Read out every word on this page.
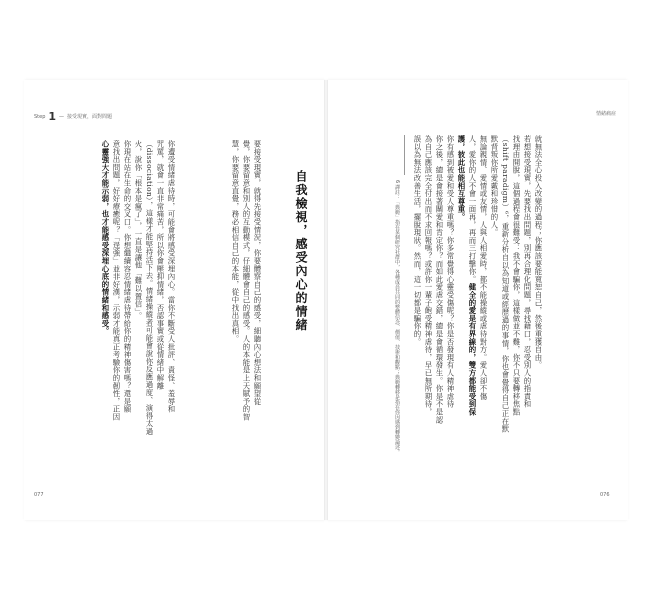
Step 1 — 接受現實，面對問題	情緒痛症
就無法全心投入改變的過程；你應該要能寬恕自己，然後重獲自由。
若想接受現實，先要找出問題，別再合理化問題，尋找藉口，忍受別人的指責和
找理由開脫，這個過程會很難受：我不會騙你，這樣做並不難，你不只要轉移焦點
（shift paradigm）⁶，重新分析自以為知道或經歷過的事情，你也會覺得自己正在默
默背叛你所愛戴和珍惜的人。
無論親情、愛情或友情，人與人相愛時，都不能操縱或虐待對方。愛人卻不傷
人，愛你的人不會一面再，再而三打擊你。健全的愛是有界線的，雙方都能受到保
護，彼此也能相互尊重。
你有感到被愛和受人尊重嗎？你多常覺得心靈受傷呢？你是否發現有人精神虐待
你之後，總是會接著關愛和肯定你？而如此愛虐交錯，總是會循環發生。你是不是認
為自己應該完全付出而不求回報嗎？或許你一輩子飽受精神虐待，早已無所期待，
誤以為無法改善生活，擺脫現狀。然而，這一切都是騙你的。
6 譯註：「典範」指在某個研究社群中，各種成員共同的整體信念、價值、技術和觀點；典範轉移是指在你因感到轉變論述。
自我檢視，感受內心的情緒
要接受現實，就得先接受情況，你要體察自己的感受，細聽內心想法和願望從
覺，你要留意和別人的互動模式，仔細體會自己的感受。人的本能是上天賦予的智
慧，你要留意直覺，務必相信自己的本能，從中找出真相。
你遭受情緒虐待時，可能會將感受深埋內心。當你不斷受人批評、責怪、羞辱和
咒罵，就會一直非常痛苦，所以你會壓抑情緒，否認事實或從情緒中解離
（dissociation），這樣才能堅持活下去。情緒操縱者可能會說你反應過度、演得太過
火，說你「根本是瘋了」，一直是讓他「難以置信」。
你現在站在生命的交叉口。你想繼續容忍情緒虐待帶給你的精神傷害嗎？還是願
意找出問題，好好療癒呢？「逞強」並非好漢，示弱才能真正考驗你的韌性，正因
心靈強大才能示弱，也才能感受深埋心底的情緒和感受。
077	076
